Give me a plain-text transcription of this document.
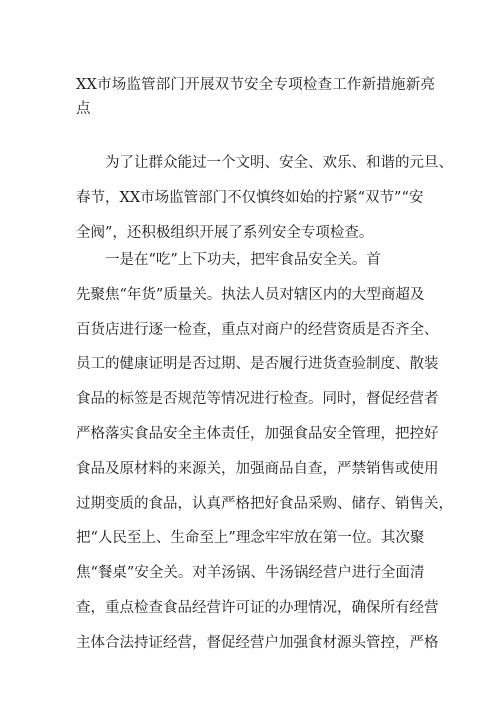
XX市场监管部门开展双节安全专项检查工作新措施新亮
点
为了让群众能过一个文明、安全、欢乐、和谐的元旦、
春节，XX市场监管部门不仅慎终如始的拧紧“双节”“安
全阀”，还积极组织开展了系列安全专项检查。
一是在“吃”上下功夫，把牢食品安全关。首
先聚焦“年货”质量关。执法人员对辖区内的大型商超及
百货店进行逐一检查，重点对商户的经营资质是否齐全、
员工的健康证明是否过期、是否履行进货查验制度、散装
食品的标签是否规范等情况进行检查。同时，督促经营者
严格落实食品安全主体责任，加强食品安全管理，把控好
食品及原材料的来源关，加强商品自查，严禁销售或使用
过期变质的食品，认真严格把好食品采购、储存、销售关，
把“人民至上、生命至上”理念牢牢放在第一位。其次聚
焦“餐桌”安全关。对羊汤锅、牛汤锅经营户进行全面清
查，重点检查食品经营许可证的办理情况，确保所有经营
主体合法持证经营，督促经营户加强食材源头管控，严格
